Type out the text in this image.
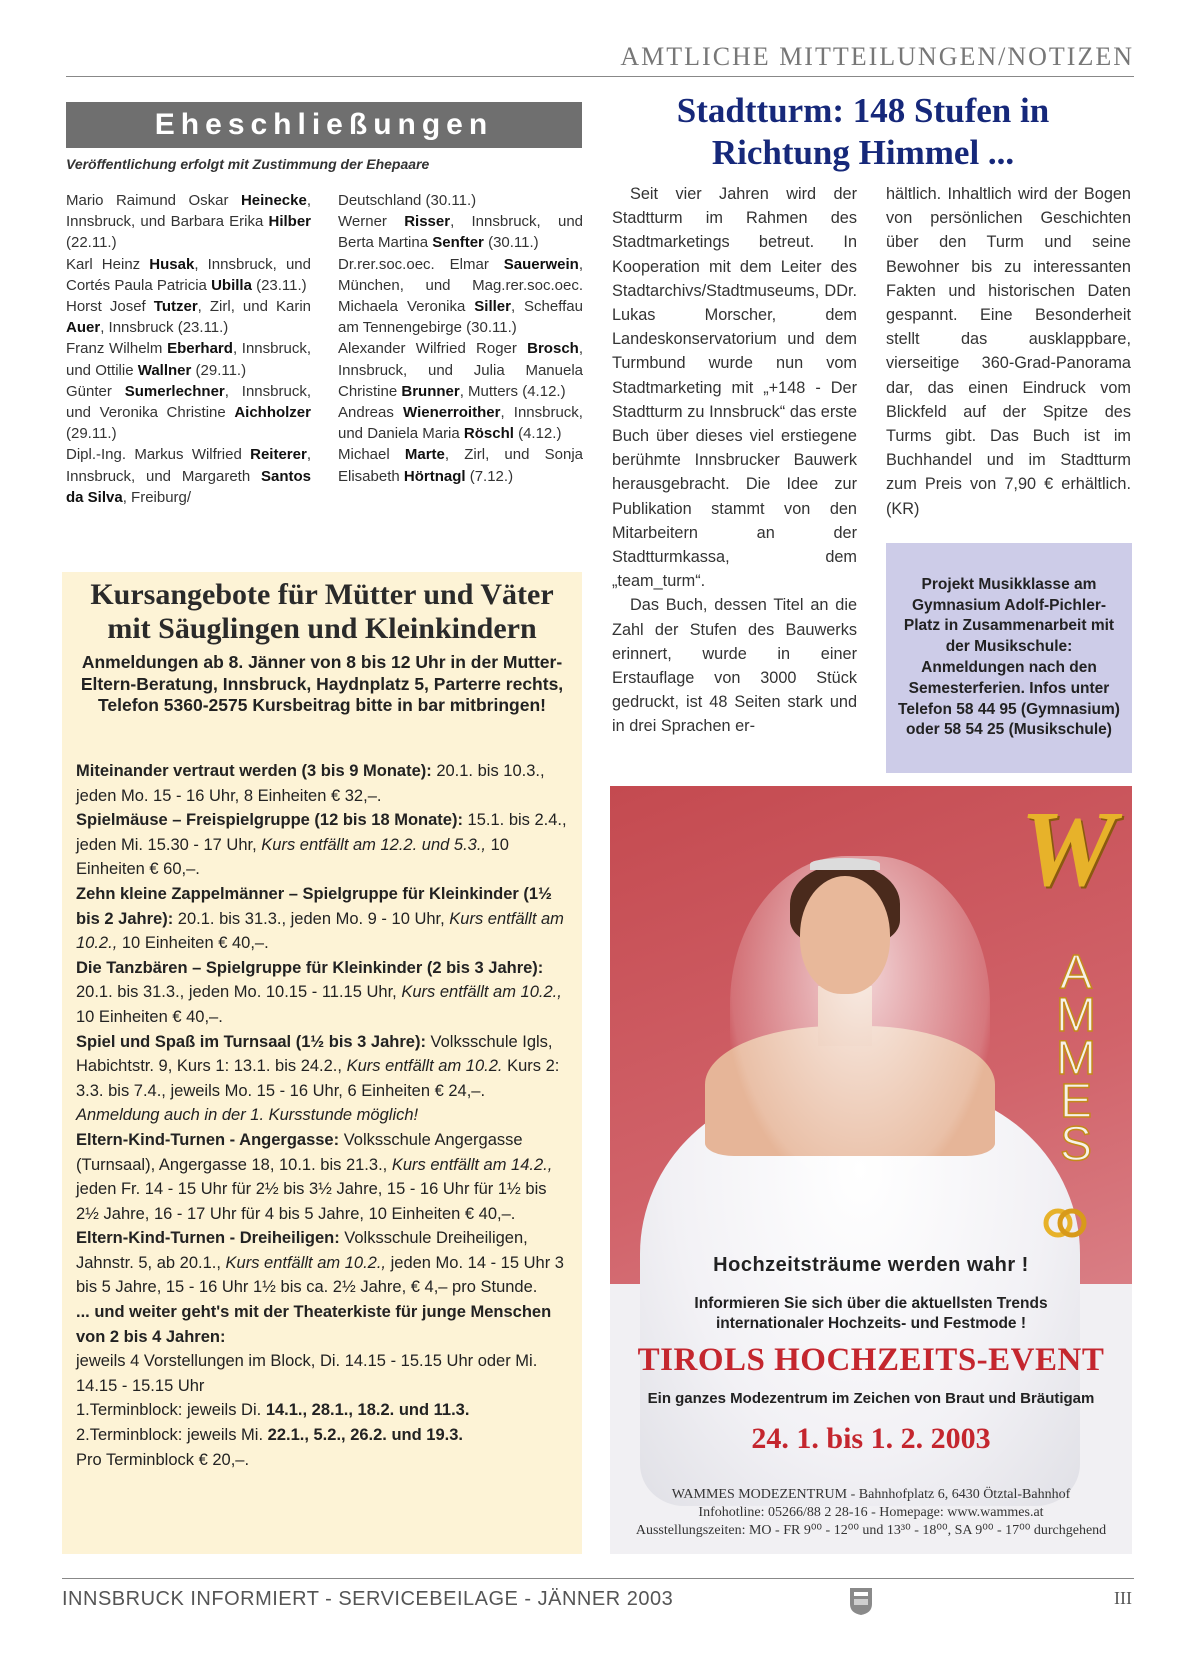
AMTLICHE MITTEILUNGEN/NOTIZEN
Eheschließungen
Veröffentlichung erfolgt mit Zustimmung der Ehepaare
Mario Raimund Oskar Heinecke, Innsbruck, und Barbara Erika Hilber (22.11.)
Karl Heinz Husak, Innsbruck, und Cortés Paula Patricia Ubilla (23.11.)
Horst Josef Tutzer, Zirl, und Karin Auer, Innsbruck (23.11.)
Franz Wilhelm Eberhard, Innsbruck, und Ottilie Wallner (29.11.)
Günter Sumerlechner, Innsbruck, und Veronika Christine Aichholzer (29.11.)
Dipl.-Ing. Markus Wilfried Reiterer, Innsbruck, und Margareth Santos da Silva, Freiburg/
Deutschland (30.11.)
Werner Risser, Innsbruck, und Berta Martina Senfter (30.11.)
Dr.rer.soc.oec. Elmar Sauerwein, München, und Mag.rer.soc.oec. Michaela Veronika Siller, Scheffau am Tennengebirge (30.11.)
Alexander Wilfried Roger Brosch, Innsbruck, und Julia Manuela Christine Brunner, Mutters (4.12.)
Andreas Wienerroither, Innsbruck, und Daniela Maria Röschl (4.12.)
Michael Marte, Zirl, und Sonja Elisabeth Hörtnagl (7.12.)
Kursangebote für Mütter und Väter mit Säuglingen und Kleinkindern
Anmeldungen ab 8. Jänner von 8 bis 12 Uhr in der Mutter-Eltern-Beratung, Innsbruck, Haydnplatz 5, Parterre rechts, Telefon 5360-2575 Kursbeitrag bitte in bar mitbringen!
Miteinander vertraut werden (3 bis 9 Monate): 20.1. bis 10.3., jeden Mo. 15 - 16 Uhr, 8 Einheiten € 32,–.
Spielmäuse – Freispielgruppe (12 bis 18 Monate): 15.1. bis 2.4., jeden Mi. 15.30 - 17 Uhr, Kurs entfällt am 12.2. und 5.3., 10 Einheiten € 60,–.
Zehn kleine Zappelmänner – Spielgruppe für Kleinkinder (1½ bis 2 Jahre): 20.1. bis 31.3., jeden Mo. 9 - 10 Uhr, Kurs entfällt am 10.2., 10 Einheiten € 40,–.
Die Tanzbären – Spielgruppe für Kleinkinder (2 bis 3 Jahre): 20.1. bis 31.3., jeden Mo. 10.15 - 11.15 Uhr, Kurs entfällt am 10.2., 10 Einheiten € 40,–.
Spiel und Spaß im Turnsaal (1½ bis 3 Jahre): Volksschule Igls, Habichtstr. 9, Kurs 1: 13.1. bis 24.2., Kurs entfällt am 10.2. Kurs 2: 3.3. bis 7.4., jeweils Mo. 15 - 16 Uhr, 6 Einheiten € 24,–. Anmeldung auch in der 1. Kursstunde möglich!
Eltern-Kind-Turnen - Angergasse: Volksschule Angergasse (Turnsaal), Angergasse 18, 10.1. bis 21.3., Kurs entfällt am 14.2., jeden Fr. 14 - 15 Uhr für 2½ bis 3½ Jahre, 15 - 16 Uhr für 1½ bis 2½ Jahre, 16 - 17 Uhr für 4 bis 5 Jahre, 10 Einheiten € 40,–.
Eltern-Kind-Turnen - Dreiheiligen: Volksschule Dreiheiligen, Jahnstr. 5, ab 20.1., Kurs entfällt am 10.2., jeden Mo. 14 - 15 Uhr 3 bis 5 Jahre, 15 - 16 Uhr 1½ bis ca. 2½ Jahre, € 4,– pro Stunde.
... und weiter geht's mit der Theaterkiste für junge Menschen von 2 bis 4 Jahren:
jeweils 4 Vorstellungen im Block, Di. 14.15 - 15.15 Uhr oder Mi. 14.15 - 15.15 Uhr
1.Terminblock: jeweils Di. 14.1., 28.1., 18.2. und 11.3.
2.Terminblock: jeweils Mi. 22.1., 5.2., 26.2. und 19.3.
Pro Terminblock € 20,–.
Stadtturm: 148 Stufen in Richtung Himmel ...
Seit vier Jahren wird der Stadtturm im Rahmen des Stadtmarketings betreut. In Kooperation mit dem Leiter des Stadtarchivs/Stadtmuseums, DDr. Lukas Morscher, dem Landeskonservatorium und dem Turmbund wurde nun vom Stadtmarketing mit „+148 - Der Stadtturm zu Innsbruck“ das erste Buch über dieses viel erstiegene berühmte Innsbrucker Bauwerk herausgebracht. Die Idee zur Publikation stammt von den Mitarbeitern an der Stadtturmkassa, dem „team_turm“.
Das Buch, dessen Titel an die Zahl der Stufen des Bauwerks erinnert, wurde in einer Erstauflage von 3000 Stück gedruckt, ist 48 Seiten stark und in drei Sprachen er-
hältlich. Inhaltlich wird der Bogen von persönlichen Geschichten über den Turm und seine Bewohner bis zu interessanten Fakten und historischen Daten gespannt. Eine Besonderheit stellt das ausklappbare, vierseitige 360-Grad-Panorama dar, das einen Eindruck vom Blickfeld auf der Spitze des Turms gibt. Das Buch ist im Buchhandel und im Stadtturm zum Preis von 7,90 € erhältlich. (KR)
Projekt Musikklasse am Gymnasium Adolf-Pichler-Platz in Zusammenarbeit mit der Musikschule: Anmeldungen nach den Semesterferien. Infos unter Telefon 58 44 95 (Gymnasium) oder 58 54 25 (Musikschule)
W
A
M
M
E
S
Hochzeitsträume werden wahr !
Informieren Sie sich über die aktuellsten Trends internationaler Hochzeits- und Festmode !
TIROLS HOCHZEITS-EVENT
Ein ganzes Modezentrum im Zeichen von Braut und Bräutigam
24. 1. bis 1. 2. 2003
WAMMES MODEZENTRUM - Bahnhofplatz 6, 6430 Ötztal-Bahnhof
Infohotline: 05266/88 2 28-16 - Homepage: www.wammes.at
Ausstellungszeiten: MO - FR 9⁰⁰ - 12⁰⁰ und 13³⁰ - 18⁰⁰, SA 9⁰⁰ - 17⁰⁰ durchgehend
INNSBRUCK INFORMIERT - SERVICEBEILAGE - JÄNNER 2003	III
